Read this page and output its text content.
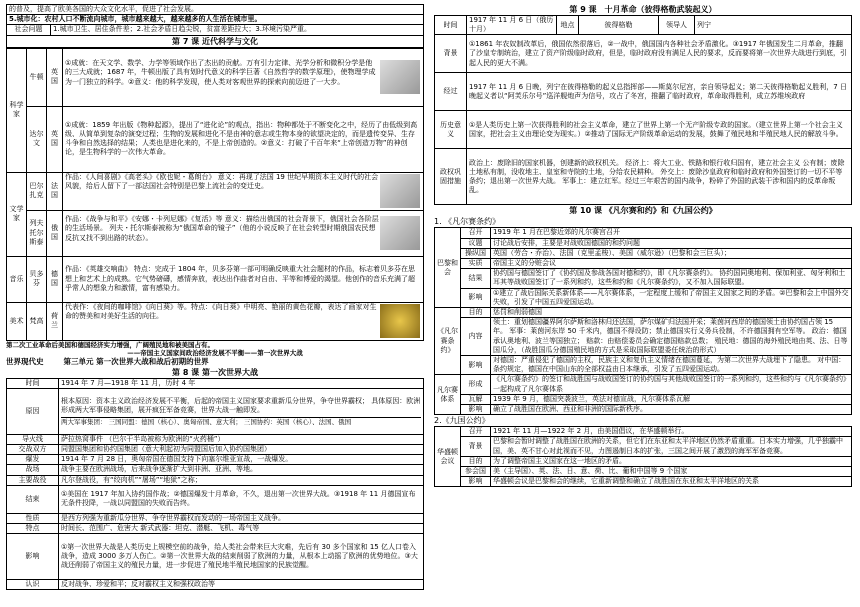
的普及，提高了欧美各国的大众文化水平，促进了社会发展。
5.城市化：农村人口不断流向城市，城市越来越大，越来越多的人生活在城市里。
社会问题	1.城市卫生、居住条件差；2.社会矛盾日趋尖锐，贫富差距拉大；3.环境污染严重。
第 7 课 近代科学与文化
科学家	牛顿	英国	①成就：在天文学、数学、力学等领域作出了杰出的贡献。万有引力定律、光学分析和微积分学是他的三大成就；1687 年，牛顿出版了具有划时代意义的科学巨著《自然哲学的数学原理》，使物理学成为一门独立的科学。②意义：他的科学发现，使人类对客观世界的探索向前迈进了一大步。
	达尔文	英国	①成就：1859 年出版《物种起源》，提出了“进化论”的观点，指出：物种都处于不断变化之中，经历了由低级到高级、从简单到复杂的演变过程；生物的发展和进化不是由神的意志或生物本身的欲望决定的，而是遗传变异、生存斗争和自然选择的结果；人类也是进化来的，不是上帝创造的。②意义：打破了千百年来“上帝创造万物”的神创论，是生物科学的一次伟大革命。
文学家	巴尔扎克	法国	作品：《人间喜剧》《高老头》《欧也妮・葛朗台》 意义：再现了法国 19 世纪早期资本主义时代的社会风貌，给后人留下了一部法国社会特别是巴黎上流社会的变迁史。
	列夫托尔斯泰	俄国	作品：《战争与和平》《安娜・卡列尼娜》《复活》等 意义：描绘出俄国的社会背景下，俄国社会各阶层的生活场景。 列夫・托尔斯泰被称为“俄国革命的镜子”（他的小说反映了在社会转型时期俄国农民想反抗又找不到出路的状态）。
音乐	贝多芬	德国	作品：《英雄交响曲》 特点：完成于 1804 年，贝多芬第一部可明确反映重大社会题材的作品，标志着贝多芬在思想上和艺术上的成熟。它气势磅礴，感情奔放，表达出作曲者对自由、平等和博爱的渴望。他创作的音乐充满了超乎常人的想象力和激情，富有感染力。
美术	梵高	荷兰	代表作：《夜间的咖啡馆》《向日葵》等。特点：《向日葵》中明亮、艳丽的黄色花瓣，表达了画家对生命的赞美和对美好生活的向往。
第二次工业革命后美国和德国经济实力增强，广阔殖民地和被美国占有。
——帝国主义国家间政治经济发展不平衡——第一次世界大战
世界现代史	第三单元 第一次世界大战和战后初期的世界
第 8 课 第一次世界大战
时间	1914 年 7 月—1918 年 11 月，历时 4 年
原因	根本原因：资本主义政治经济发展不平衡，后起的帝国主义国家要求重新瓜分世界，争夺世界霸权； 具体原因：欧洲形成两大军事侵略集团，展开疯狂军备竞赛，世界大战一触即发。
两大军事集团： 三国同盟：德国（核心）、奥匈帝国、意大利； 三国协约：英国（核心）、法国、俄国

导火线	萨拉热窝事件 （巴尔干半岛被称为欧洲的“火药桶”）
交战双方	同盟国集团和协约国集团（意大利起初为同盟国后加入协约国集团）
爆发	1914 年 7 月 28 日，奥匈帝国在德国支持下向塞尔维亚宣战，一战爆发。
战场	战争主要在欧洲战场，后来战争逐渐扩大到非洲、亚洲、等地。
主要战役	凡尔登战役，有“绞肉机”“屠场”“地狱”之称；
结束	①美国在 1917 年加入协约国作战；②德国爆发十月革命，不久，退出第一次世界大战。③1918 年 11 月德国宣布无条件投降，一战以同盟国的失败而告终。
性质	是西方列强为重新瓜分世界、争夺世界霸权而发动的一场帝国主义战争。
特点	时间长、范围广、危害大 新式武器：坦克、潜艇、飞机、毒气等
影响	①第一次世界大战是人类历史上规模空前的战争，给人类社会带来巨大灾难，先后有 30 多个国家和 15 亿人口卷入战争，造成 3000 多万人伤亡。②第一次世界大战的结束削弱了欧洲的力量，从根本上动摇了欧洲的优势地位。③大战还削弱了帝国主义的殖民力量，进一步促进了殖民地半殖民地国家的民族觉醒。
认识	反对战争、珍爱和平；反对霸权主义和强权政治等
第 9 课　十月革命（彼得格勒武装起义）
时间	1917 年 11 月 6 日（俄历十月）	地点	彼得格勒	领导人	列宁
背景	①1861 年农奴制改革后，俄国依然很落后，②一战中，俄国国内各种社会矛盾激化。③1917 年俄国发生二月革命，推翻了沙皇专制统治，建立了资产阶级临时政府，但是，临时政府没有满足人民的要求，反而要将第一次世界大战进行到底，引起人民的更大不满。				
经过	1917 年 11 月 6 日晚，列宁在彼得格勒的起义总指挥部——斯莫尔尼宫，亲自领导起义；第二天彼得格勒起义胜利，7 日晚起义者以“阿芙乐尔号”巡洋舰炮声为信号，攻占了冬宫，推翻了临时政府，革命取得胜利，成立苏维埃政府				
历史意义	①是人类历史上第一次获得胜利的社会主义革命，建立了世界上第一个无产阶级专政的国家。（建立世界上第一个社会主义国家，把社会主义由理论变为现实。）②推动了国际无产阶级革命运动的发展，鼓舞了殖民地和半殖民地人民的解放斗争。				
政权巩固措施	政治上：废除旧的国家机器，创建新的政权机关。 经济上：将大工业、铁路和银行收归国有，建立社会主义 公有制；废除土地私有制，没收地主、皇室和寺院的土地，分给农民耕种。 外交上：废除沙皇政府和临时政府和外国签订的一切不平等条约；退出第一次世界大战。 军事上：建立红军。经过三年艰苦的国内战争，粉碎了外国的武装干涉和国内的反革命叛乱。				
第 10 课 《凡尔赛和约》和《九国公约》
1. 《凡尔赛条约》
巴黎和会	召开	1919 年 1 月在巴黎近郊的凡尔赛宫召开
	议题	讨论战后安排，主要是对战败国德国的和约问题
	操纵国	英国（劳合・乔治）、法国（克里孟梭）、美国（威尔逊）（巴黎和会三巨头）；
	实质	帝国主义的分赃会议
	结果	协约国与德国签订了《协约国及参战各国对德和约》，即《凡尔赛条约》。 协约国同奥地利、保加利亚、匈牙利和土耳其等战败国签订了一系列和约，这些和约和《凡尔赛条约》，又不加入国际联盟。
	影响	①建立了战后国际关系新体系——凡尔赛体系，一定程度上缓和了帝国主义国家之间的矛盾。②巴黎和会上中国外交失败，引发了中国五四爱国运动。
《凡尔赛条约》	目的	惩罚和削弱德国
	内容	领土：重划德国疆界阿尔萨斯和洛林归还法国，萨尔煤矿归法国开采；莱茵河西岸的德国领土由协约国占领 15 年。 军事：莱茵河东岸 50 千米内，德国不得设防；禁止德国实行义务兵役制，不许德国拥有空军等。 政治：德国承认奥地利、波兰等国独立； 赔款：由赔偿委员会确定德国赔款总数； 殖民地：德国的海外殖民地由英、法、日等国瓜分，（战胜国瓜分德国殖民地的方式是采取国际联盟委任统治的形式）
	影响	对德国：严重侵犯了德国的主权，民族主义和复仇主义情绪在德国蔓延，为第二次世界大战埋下了隐患。 对中国：条约规定，德国在中国山东的全部权益由日本继承，引发了五四爱国运动。
凡尔赛体系	形成	《凡尔赛条约》的签订和战胜国与战败国签订的协约国与其他战败国签订的一系列和约，这些和约与《凡尔赛条约》一起构成了凡尔赛体系
	瓦解	1939 年 9 月，德国突袭波兰，英法对德宣战，凡尔赛体系瓦解
	影响	确立了战胜国在欧洲、西亚和非洲的国际新秩序。
2.《九国公约》
华盛顿会议	召开	1921 年 11 月—1922 年 2 月，由美国倡议，在华盛顿举行。
	背景	巴黎和会暂时调整了战胜国在欧洲的关系，但它们在东亚和太平洋地区仍然矛盾重重。日本实力增强，几乎独霸中国，美、英不甘心对此视而不见，力图遏制日本的扩张，三国之间开展了激烈的海军军备竞赛。
	目的	为了调整帝国主义国家在这一地区的矛盾。
	参会国	美（主导国）、英、法、日、意、荷、比、葡和中国等 9 个国家
	影响	华盛顿会议是巴黎和会的继续，它重新调整和确立了战胜国在东亚和太平洋地区的关系
